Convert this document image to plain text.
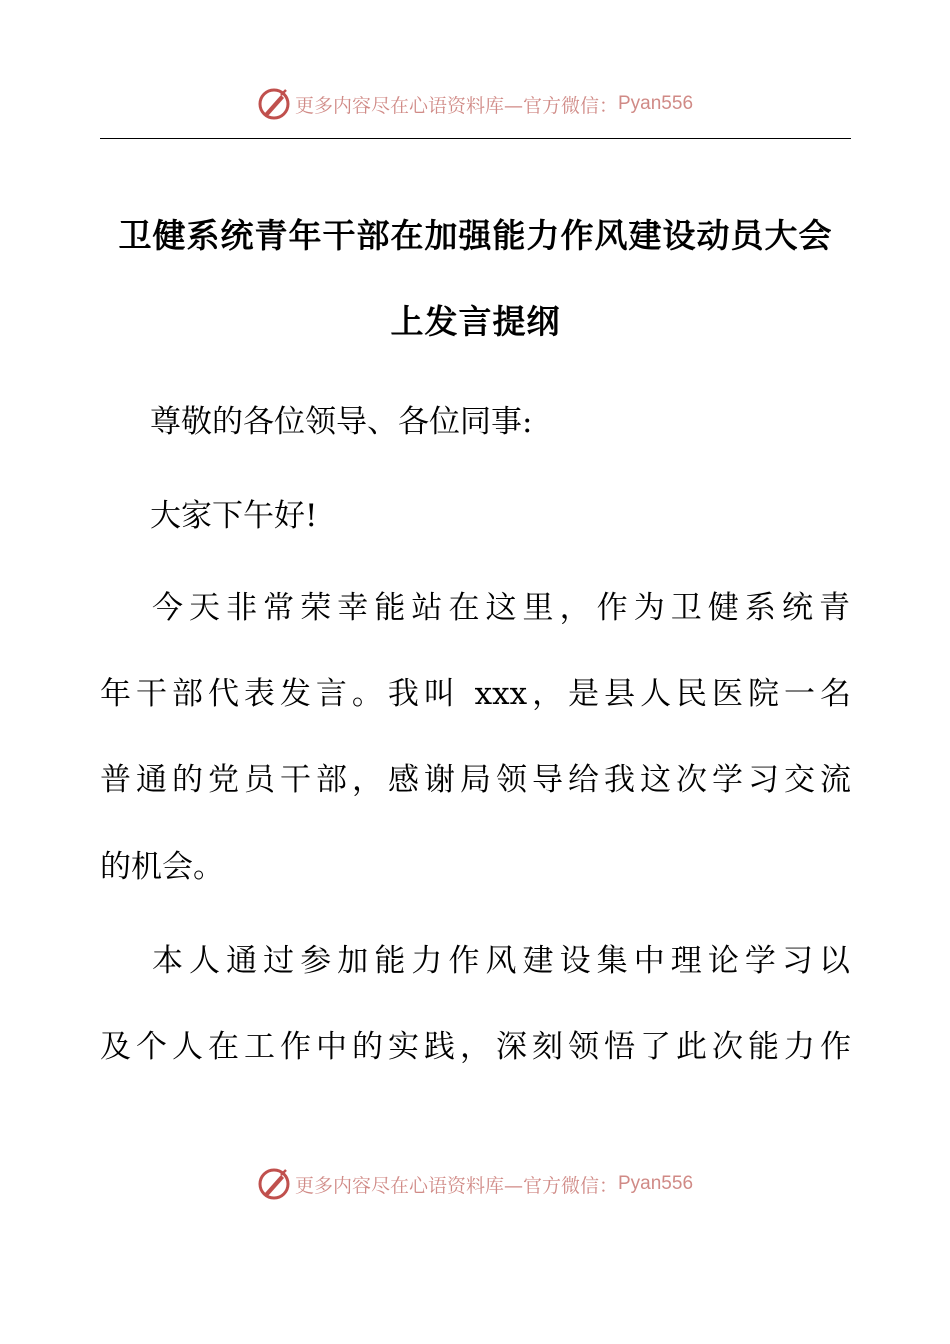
更多内容尽在心语资料库—官方微信： Pyan556
卫健系统青年干部在加强能力作风建设动员大会
上发言提纲
尊敬的各位领导、各位同事:
大家下午好!
今天非常荣幸能站在这里，作为卫健系统青
年干部代表发言。我叫 xxx，是县人民医院一名
普通的党员干部，感谢局领导给我这次学习交流
的机会。
本人通过参加能力作风建设集中理论学习以
及个人在工作中的实践，深刻领悟了此次能力作
更多内容尽在心语资料库—官方微信： Pyan556
